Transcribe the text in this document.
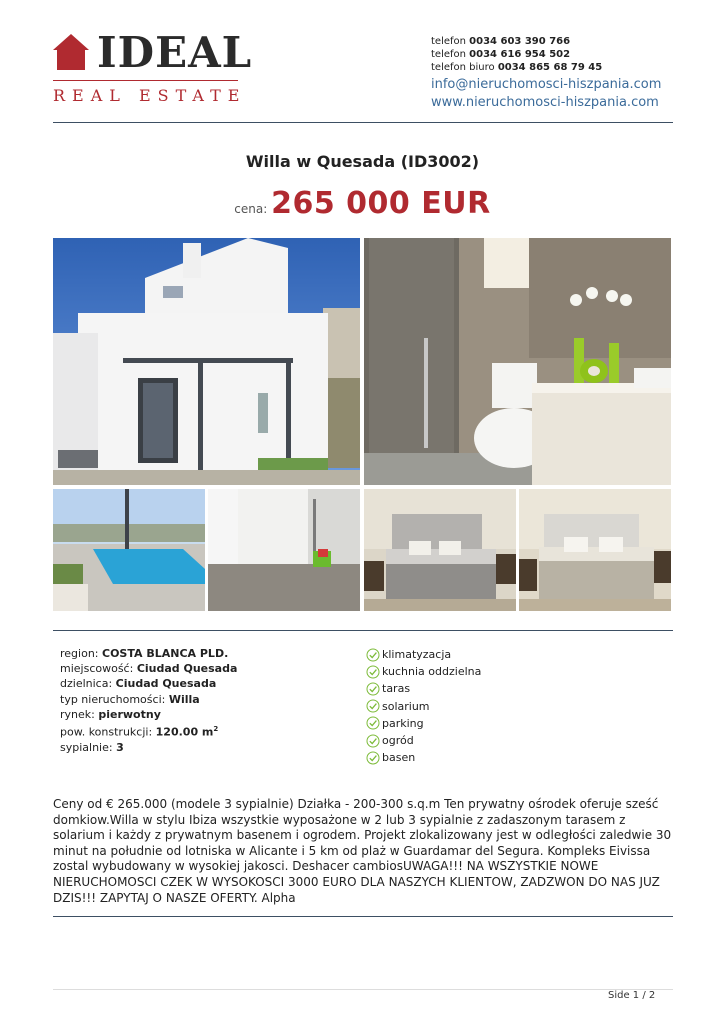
IDEAL
REAL ESTATE
telefon 0034 603 390 766
telefon 0034 616 954 502
telefon biuro 0034 865 68 79 45
info@nieruchomosci-hiszpania.com
www.nieruchomosci-hiszpania.com
Willa w Quesada (ID3002)
cena: 265 000 EUR
region: COSTA BLANCA PLD.
miejscowość: Ciudad Quesada
dzielnica: Ciudad Quesada
typ nieruchomości: Willa
rynek: pierwotny
pow. konstrukcji: 120.00 $m^2$
sypialnie: 3
klimatyzacja
kuchnia oddzielna
taras
solarium
parking
ogród
basen
Ceny od € 265.000 (modele 3 sypialnie) Działka - 200-300 s.q.m Ten prywatny ośrodek oferuje sześć domkiow.Willa w stylu Ibiza wszystkie wyposażone w 2 lub 3 sypialnie z zadaszonym tarasem z solarium i każdy z prywatnym basenem i ogrodem. Projekt zlokalizowany jest w odległości zaledwie 30 minut na południe od lotniska w Alicante i 5 km od plaż w Guardamar del Segura. Kompleks Eivissa zostal wybudowany w wysokiej jakosci. Deshacer cambiosUWAGA!!! NA WSZYSTKIE NOWE NIERUCHOMOSCI CZEK W WYSOKOSCI 3000 EURO DLA NASZYCH KLIENTOW, ZADZWON DO NAS JUZ DZIS!!! ZAPYTAJ O NASZE OFERTY. Alpha
Side 1 / 2
